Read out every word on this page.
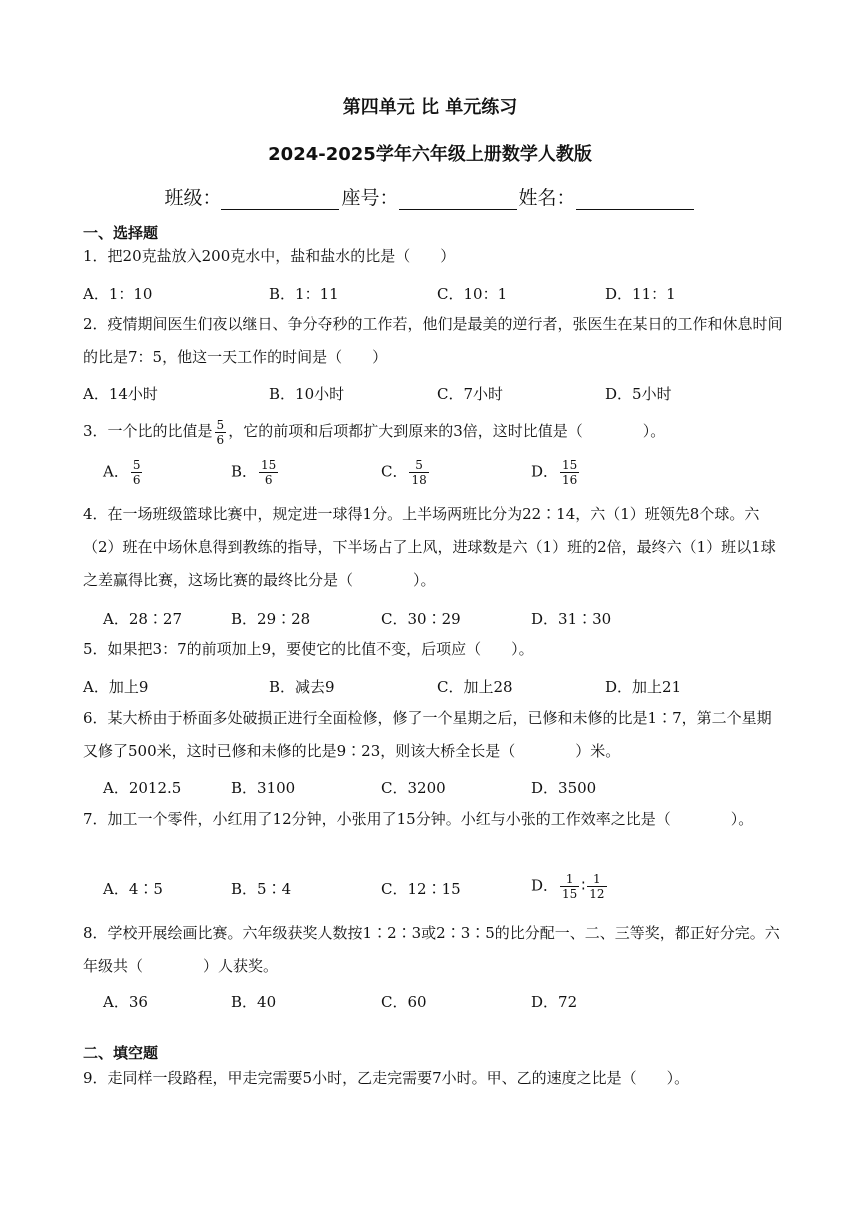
第四单元 比 单元练习
2024-2025学年六年级上册数学人教版
班级：	座号：	姓名：
一、选择题
1．把20克盐放入200克水中，盐和盐水的比是（　　）
A．1：10	B．1：11	C．10：1	D．11：1
2．疫情期间医生们夜以继日、争分夺秒的工作若，他们是最美的逆行者，张医生在某日的工作和休息时间的比是7：5，他这一天工作的时间是（　　）
A．14小时	B．10小时	C．7小时	D．5小时
3．一个比的比值是 $\frac{5}{6}$ ，它的前项和后项都扩大到原来的3倍，这时比值是（　　　　）。
A． $\frac{5}{6}$	B． $\frac{15}{6}$	C． $\frac{5}{18}$	D． $\frac{15}{16}$
4．在一场班级篮球比赛中，规定进一球得1分。上半场两班比分为22∶14，六（1）班领先8个球。六（2）班在中场休息得到教练的指导，下半场占了上风，进球数是六（1）班的2倍，最终六（1）班以1球之差赢得比赛，这场比赛的最终比分是（　　　　）。
A．28∶27	B．29∶28	C．30∶29	D．31∶30
5．如果把3：7的前项加上9，要使它的比值不变，后项应（　　）。
A．加上9	B．减去9	C．加上28	D．加上21
6．某大桥由于桥面多处破损正进行全面检修，修了一个星期之后，已修和未修的比是1∶7，第二个星期又修了500米，这时已修和未修的比是9∶23，则该大桥全长是（　　　　）米。
A．2012.5	B．3100	C．3200	D．3500
7．加工一个零件，小红用了12分钟，小张用了15分钟。小红与小张的工作效率之比是（　　　　）。
A．4∶5	B．5∶4	C．12∶15	D． $\frac{1}{15}$ ∶ $\frac{1}{12}$
8．学校开展绘画比赛。六年级获奖人数按1∶2∶3或2∶3∶5的比分配一、二、三等奖，都正好分完。六年级共（　　　　）人获奖。
A．36	B．40	C．60	D．72
二、填空题
9．走同样一段路程，甲走完需要5小时，乙走完需要7小时。甲、乙的速度之比是（　　）。
